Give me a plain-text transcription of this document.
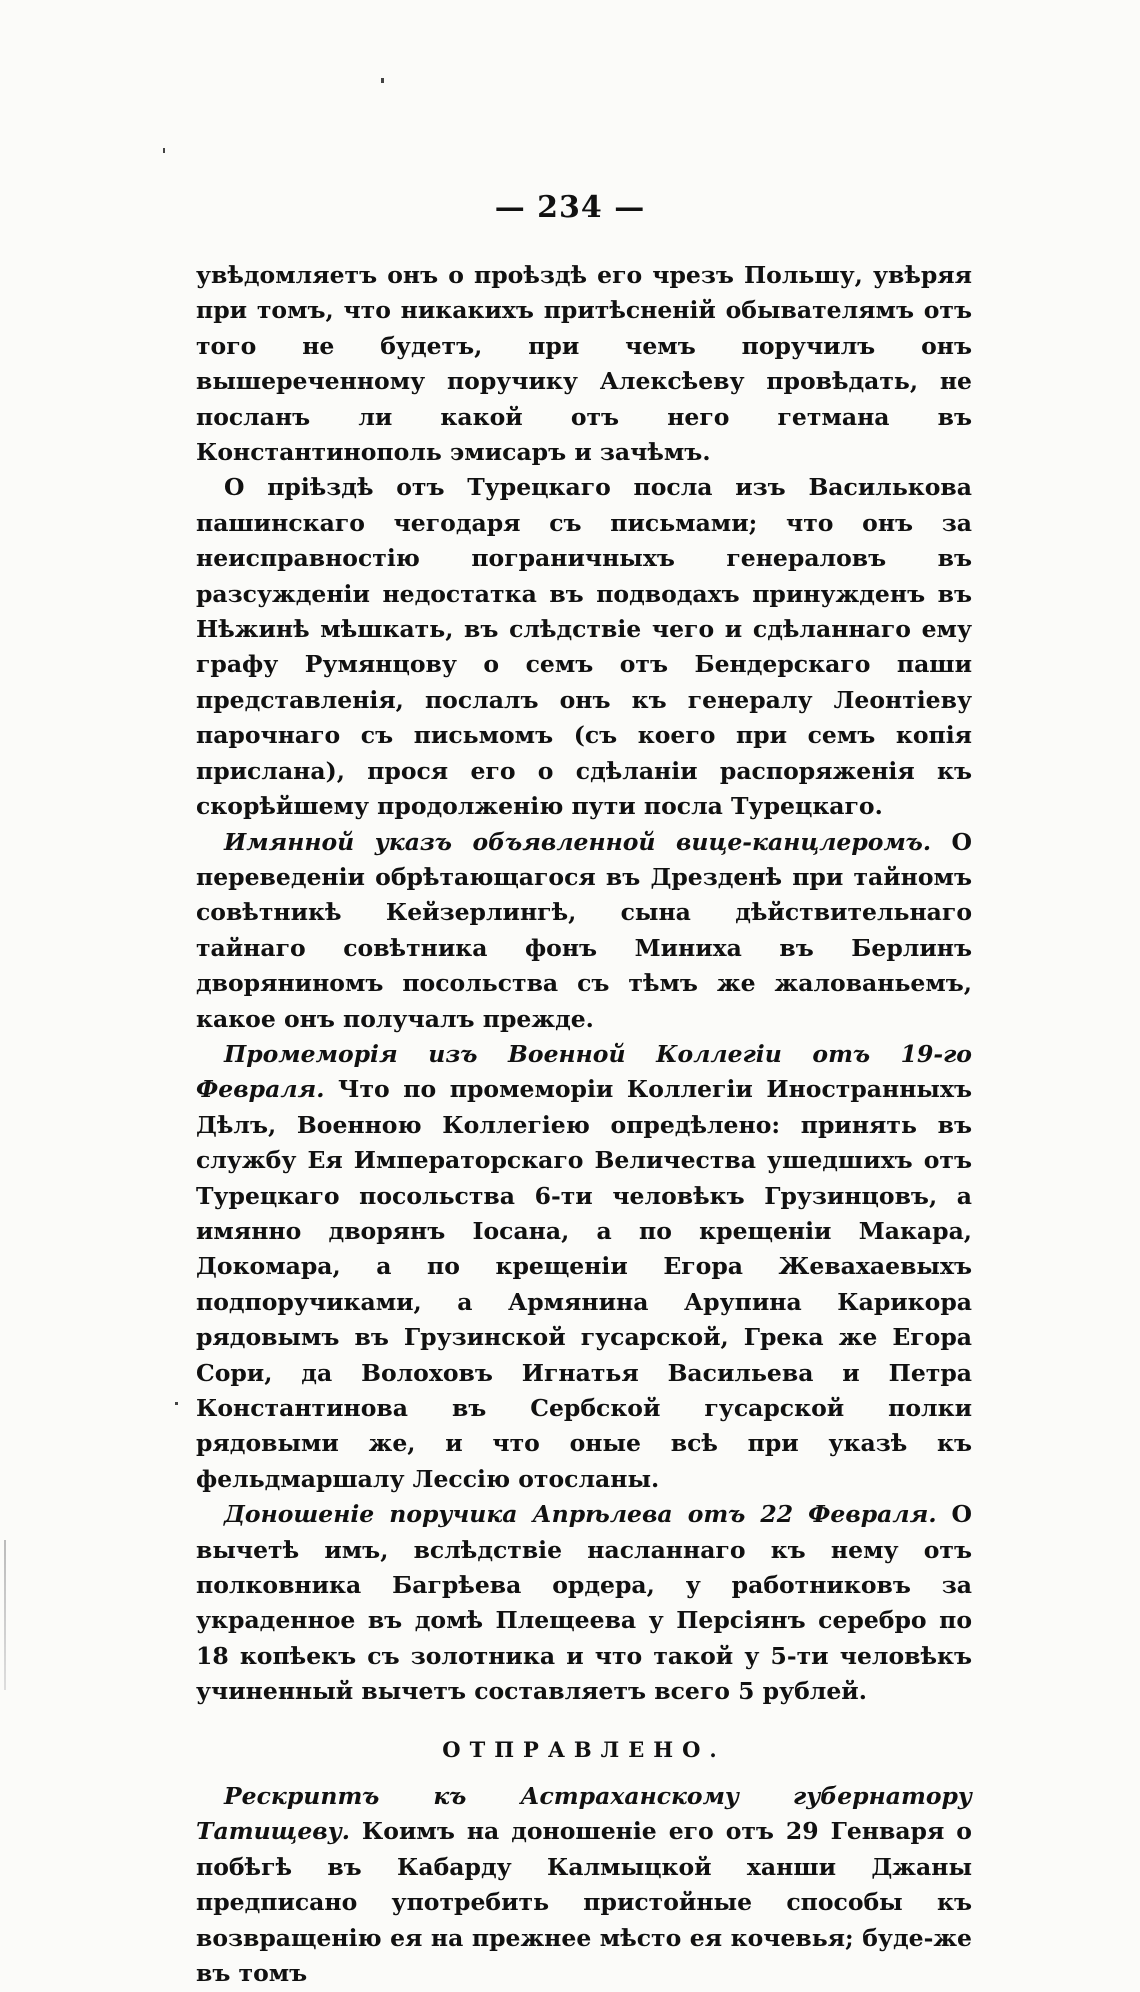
— 234 —

увѣдомляетъ онъ о проѣздѣ его чрезъ Польшу, увѣряя при томъ, что никакихъ притѣсненій обывателямъ отъ того не будетъ, при чемъ поручилъ онъ вышереченному поручику Алексѣеву провѣдать, не посланъ ли какой отъ него гетмана въ Константинополь эмисаръ и зачѣмъ.

О пріѣздѣ отъ Турецкаго посла изъ Василькова пашинскаго чегодаря съ письмами; что онъ за неисправностію пограничныхъ генераловъ въ разсужденіи недостатка въ подводахъ принужденъ въ Нѣжинѣ мѣшкать, въ слѣдствіе чего и сдѣланнаго ему графу Румянцову о семъ отъ Бендерскаго паши представленія, послалъ онъ къ генералу Леонтіеву парочнаго съ письмомъ (съ коего при семъ копія прислана), прося его о сдѣланіи распоряженія къ скорѣйшему продолженію пути посла Турецкаго.

Имянной указъ объявленной вице-канцлеромъ. О переведеніи обрѣтающагося въ Дрезденѣ при тайномъ совѣтникѣ Кейзерлингѣ, сына дѣйствительнаго тайнаго совѣтника фонъ Миниха въ Берлинъ дворяниномъ посольства съ тѣмъ же жалованьемъ, какое онъ получалъ прежде.

Промеморія изъ Военной Коллегіи отъ 19-го Февраля. Что по промеморіи Коллегіи Иностранныхъ Дѣлъ, Военною Коллегіею опредѣлено: принять въ службу Ея Императорскаго Величества ушедшихъ отъ Турецкаго посольства 6-ти человѣкъ Грузинцовъ, а имянно дворянъ Іосана, а по крещеніи Макара, Докомара, а по крещеніи Егора Жевахаевыхъ подпоручиками, а Армянина Арупина Карикора рядовымъ въ Грузинской гусарской, Грека же Егора Сори, да Волоховъ Игнатья Васильева и Петра Константинова въ Сербской гусарской полки рядовыми же, и что оные всѣ при указѣ къ фельдмаршалу Лессію отосланы.

Доношеніе поручика Апрѣлева отъ 22 Февраля. О вычетѣ имъ, вслѣдствіе насланнаго къ нему отъ полковника Багрѣева ордера, у работниковъ за украденное въ домѣ Плещеева у Персіянъ серебро по 18 копѣекъ съ золотника и что такой у 5-ти человѣкъ учиненный вычетъ составляетъ всего 5 рублей.

ОТПРАВЛЕНО.

Рескриптъ къ Астраханскому губернатору Татищеву. Коимъ на доношеніе его отъ 29 Генваря о побѣгѣ въ Кабарду Калмыцкой ханши Джаны предписано употребить пристойные способы къ возвращенію ея на прежнее мѣсто ея кочевья; буде-же въ томъ
